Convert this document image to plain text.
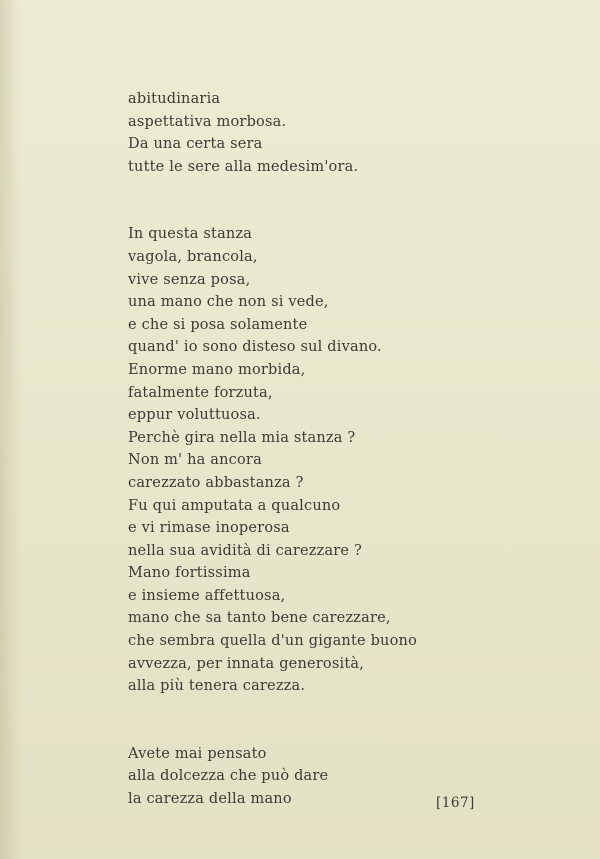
abitudinaria
aspettativa morbosa.
Da una certa sera
tutte le sere alla medesim'ora.
In questa stanza
vagola, brancola,
vive senza posa,
una mano che non si vede,
e che si posa solamente
quand' io sono disteso sul divano.
Enorme mano morbida,
fatalmente forzuta,
eppur voluttuosa.
Perchè gira nella mia stanza ?
Non m' ha ancora
carezzato abbastanza ?
Fu qui amputata a qualcuno
e vi rimase inoperosa
nella sua avidità di carezzare ?
Mano fortissima
e insieme affettuosa,
mano che sa tanto bene carezzare,
che sembra quella d'un gigante buono
avvezza, per innata generosità,
alla più tenera carezza.
Avete mai pensato
alla dolcezza che può dare
la carezza della mano	[167]
